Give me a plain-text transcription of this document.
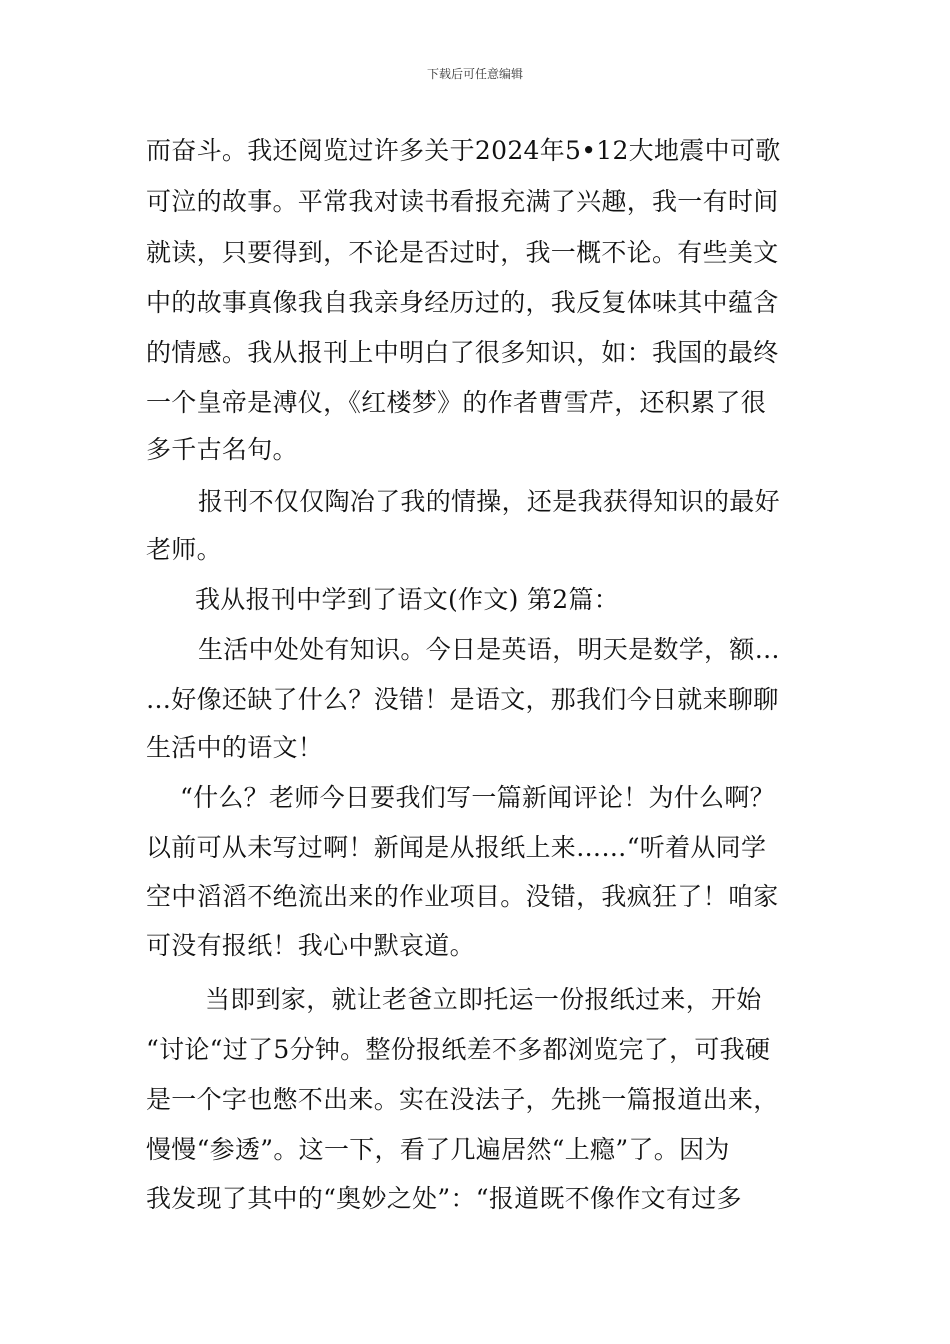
下载后可任意编辑
而奋斗。我还阅览过许多关于2024年5•12大地震中可歌
可泣的故事。平常我对读书看报充满了兴趣，我一有时间
就读，只要得到，不论是否过时，我一概不论。有些美文
中的故事真像我自我亲身经历过的，我反复体味其中蕴含
的情感。我从报刊上中明白了很多知识，如：我国的最终
一个皇帝是溥仪，《红楼梦》的作者曹雪芹，还积累了很
多千古名句。
报刊不仅仅陶冶了我的情操，还是我获得知识的最好
老师。
我从报刊中学到了语文(作文) 第2篇：
生活中处处有知识。今日是英语，明天是数学，额…
…好像还缺了什么？没错！是语文，那我们今日就来聊聊
生活中的语文！
“什么？老师今日要我们写一篇新闻评论！为什么啊？
以前可从未写过啊！新闻是从报纸上来……“听着从同学
空中滔滔不绝流出来的作业项目。没错，我疯狂了！咱家
可没有报纸！我心中默哀道。
当即到家，就让老爸立即托运一份报纸过来，开始
“讨论“过了5分钟。整份报纸差不多都浏览完了，可我硬
是一个字也憋不出来。实在没法子，先挑一篇报道出来，
慢慢“参透”。这一下，看了几遍居然“上瘾”了。因为
我发现了其中的“奥妙之处”：“报道既不像作文有过多
